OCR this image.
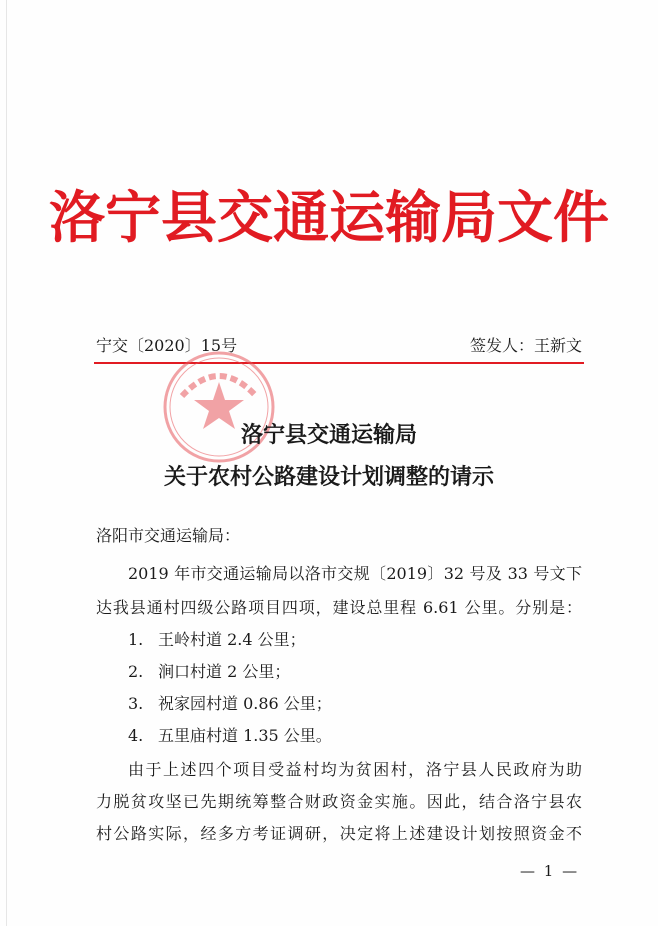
洛宁县交通运输局文件
宁交〔2020〕15号	签发人：王新文
洛宁县交通运输局
关于农村公路建设计划调整的请示
洛阳市交通运输局：
2019 年市交通运输局以洛市交规〔2019〕32 号及 33 号文下
达我县通村四级公路项目四项，建设总里程 6.61 公里。分别是：
1. 王岭村道 2.4 公里；
2. 涧口村道 2 公里；
3. 祝家园村道 0.86 公里；
4. 五里庙村道 1.35 公里。
由于上述四个项目受益村均为贫困村，洛宁县人民政府为助
力脱贫攻坚已先期统筹整合财政资金实施。因此，结合洛宁县农
村公路实际，经多方考证调研，决定将上述建设计划按照资金不
— 1 —
